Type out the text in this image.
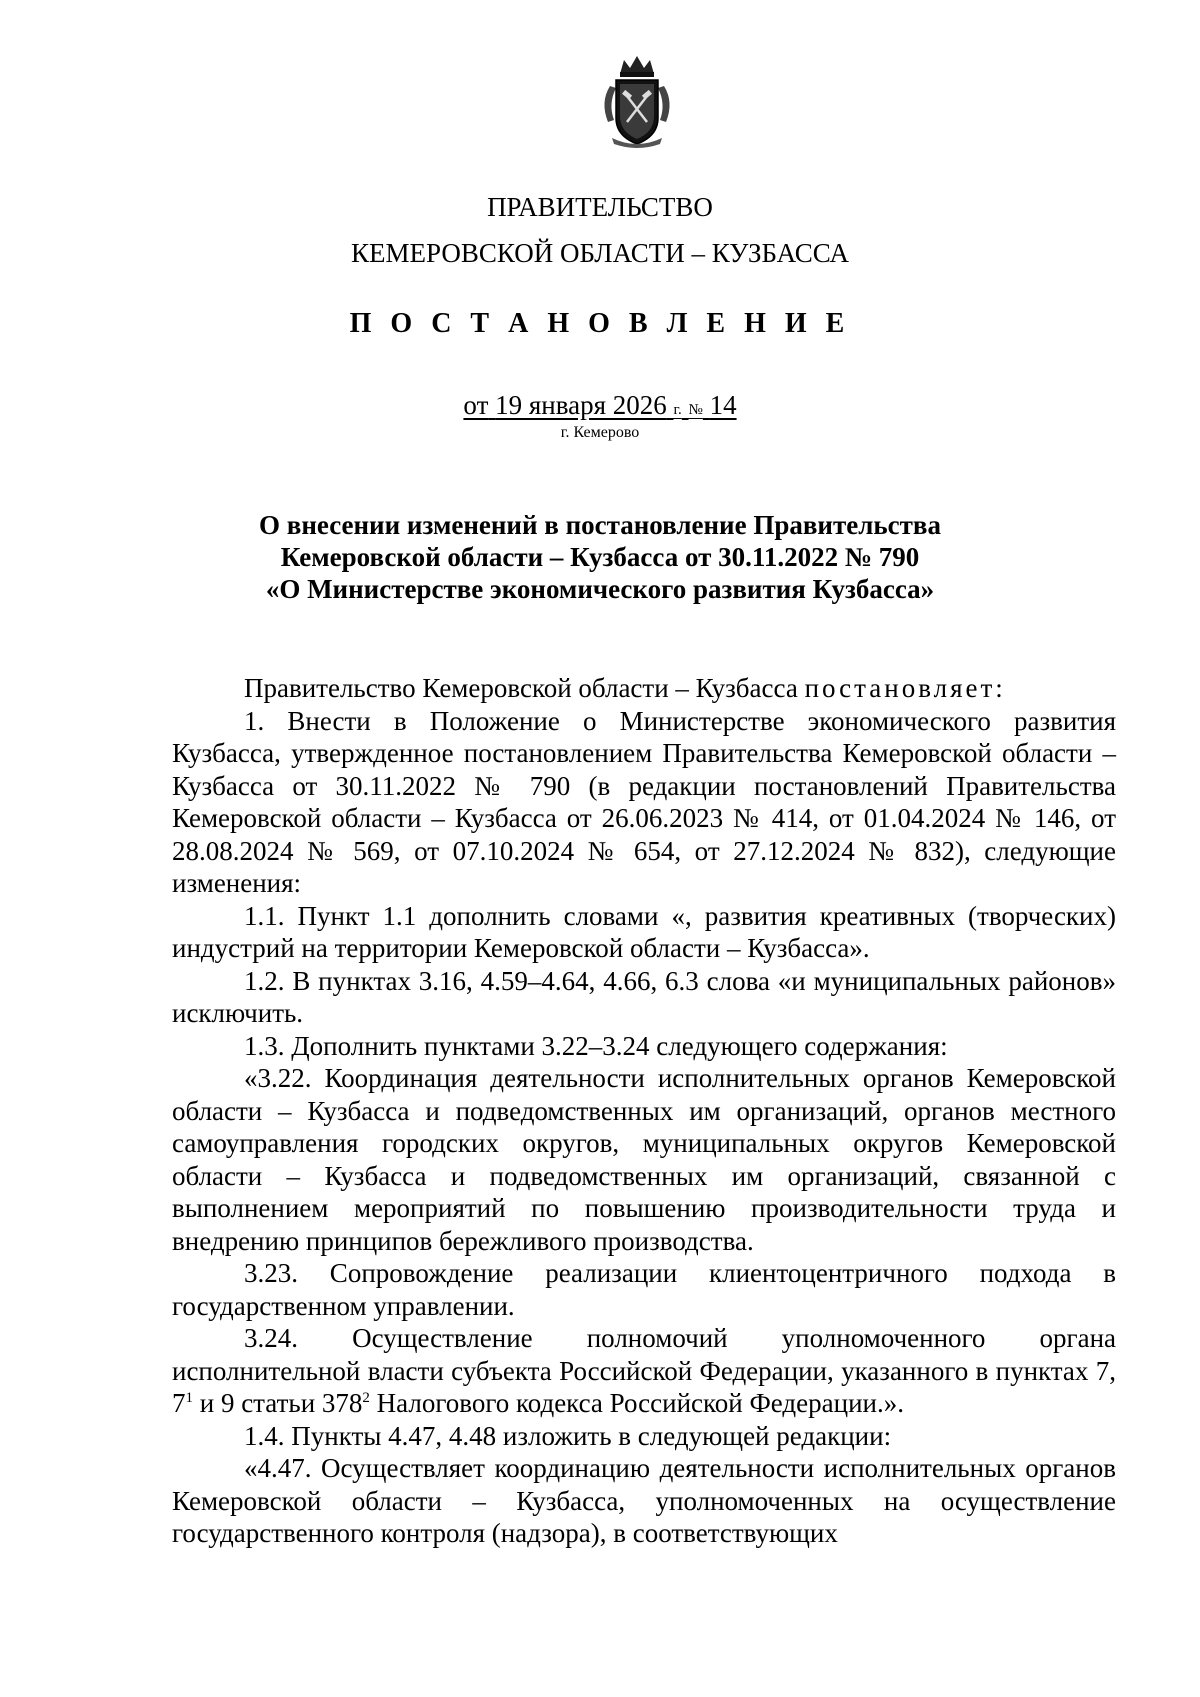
ПРАВИТЕЛЬСТВО
КЕМЕРОВСКОЙ ОБЛАСТИ – КУЗБАССА
П О С Т А Н О В Л Е Н И Е
от 19 января 2026 г. № 14
г. Кемерово
О внесении изменений в постановление Правительства
Кемеровской области – Кузбасса от 30.11.2022 № 790
«О Министерстве экономического развития Кузбасса»

Правительство Кемеровской области – Кузбасса постановляет:

1. Внести в Положение о Министерстве экономического развития Кузбасса, утвержденное постановлением Правительства Кемеровской области – Кузбасса от 30.11.2022 № 790 (в редакции постановлений Правительства Кемеровской области – Кузбасса от 26.06.2023 № 414, от 01.04.2024 № 146, от 28.08.2024 № 569, от 07.10.2024 № 654, от 27.12.2024 № 832), следующие изменения:

1.1. Пункт 1.1 дополнить словами «, развития креативных (творческих) индустрий на территории Кемеровской области – Кузбасса».

1.2. В пунктах 3.16, 4.59–4.64, 4.66, 6.3 слова «и муниципальных районов» исключить.

1.3. Дополнить пунктами 3.22–3.24 следующего содержания:

«3.22. Координация деятельности исполнительных органов Кемеровской области – Кузбасса и подведомственных им организаций, органов местного самоуправления городских округов, муниципальных округов Кемеровской области – Кузбасса и подведомственных им организаций, связанной с выполнением мероприятий по повышению производительности труда и внедрению принципов бережливого производства.

3.23. Сопровождение реализации клиентоцентричного подхода в государственном управлении.

3.24. Осуществление полномочий уполномоченного органа исполнительной власти субъекта Российской Федерации, указанного в пунктах 7, $7^1$ и 9 статьи $378^2$ Налогового кодекса Российской Федерации.».

1.4. Пункты 4.47, 4.48 изложить в следующей редакции:

«4.47. Осуществляет координацию деятельности исполнительных органов Кемеровской области – Кузбасса, уполномоченных на осуществление государственного контроля (надзора), в соответствующих
